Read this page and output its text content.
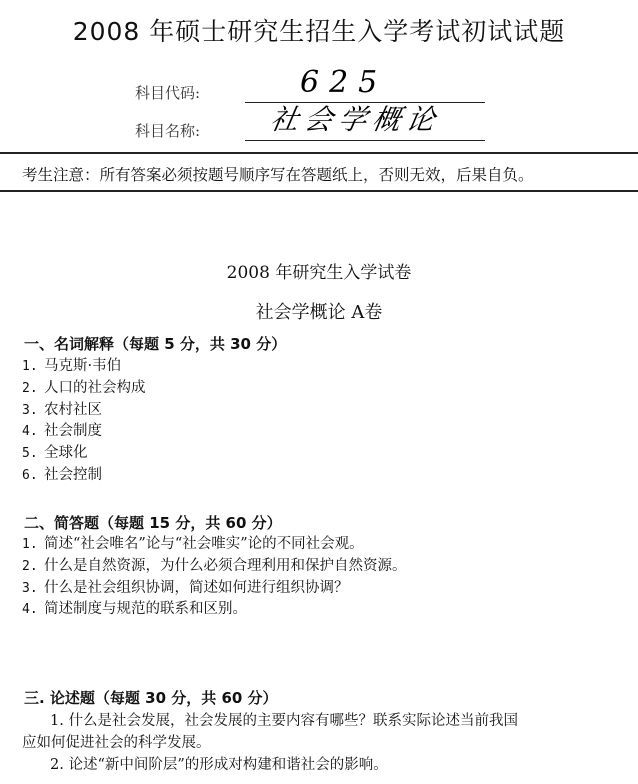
2008 年硕士研究生招生入学考试初试试题
科目代码:	625
科目名称:	社会学概论
考生注意：所有答案必须按题号顺序写在答题纸上，否则无效，后果自负。
2008 年研究生入学试卷
社会学概论 A卷
一、名词解释（每题 5 分，共 30 分）
1. 马克斯·韦伯
2. 人口的社会构成
3. 农村社区
4. 社会制度
5. 全球化
6. 社会控制
二、简答题（每题 15 分，共 60 分）
1. 简述“社会唯名”论与“社会唯实”论的不同社会观。
2. 什么是自然资源，为什么必须合理利用和保护自然资源。
3. 什么是社会组织协调，简述如何进行组织协调？
4. 简述制度与规范的联系和区别。
三. 论述题（每题 30 分，共 60 分）
1. 什么是社会发展，社会发展的主要内容有哪些？联系实际论述当前我国
应如何促进社会的科学发展。
2. 论述“新中间阶层”的形成对构建和谐社会的影响。
